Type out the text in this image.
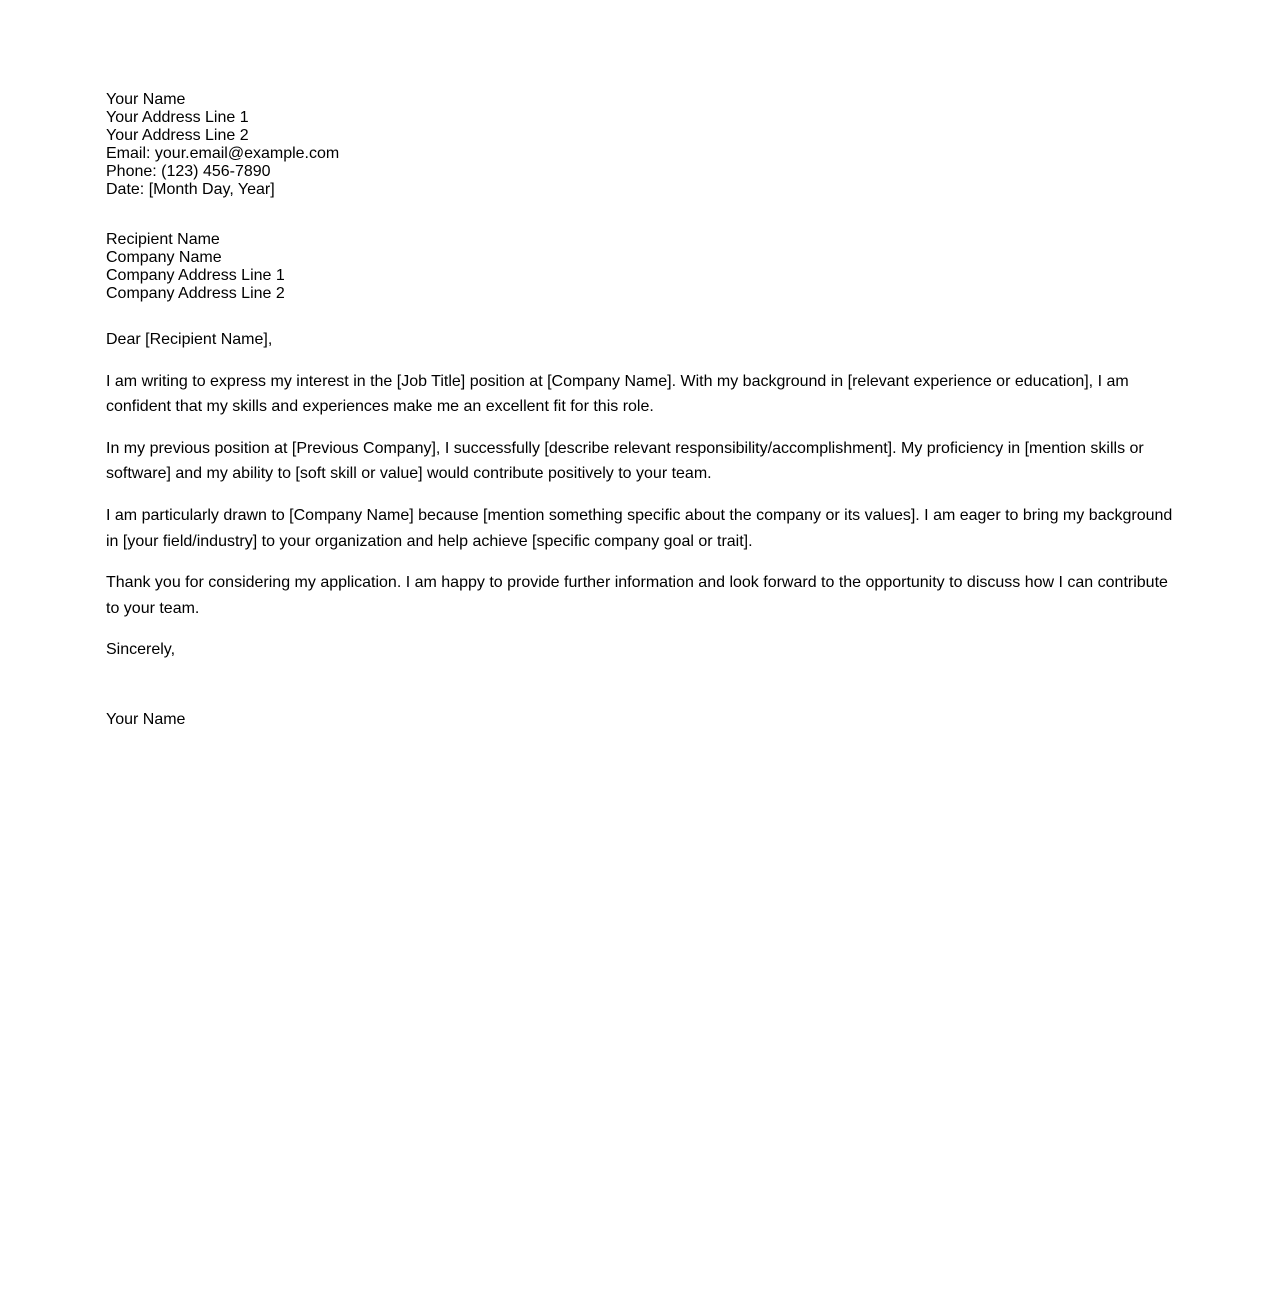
Your Name
Your Address Line 1
Your Address Line 2
Email: your.email@example.com
Phone: (123) 456-7890
Date: [Month Day, Year]
Recipient Name
Company Name
Company Address Line 1
Company Address Line 2

Dear [Recipient Name],

I am writing to express my interest in the [Job Title] position at [Company Name]. With my background in [relevant experience or education], I am confident that my skills and experiences make me an excellent fit for this role.

In my previous position at [Previous Company], I successfully [describe relevant responsibility/accomplishment]. My proficiency in [mention skills or software] and my ability to [soft skill or value] would contribute positively to your team.

I am particularly drawn to [Company Name] because [mention something specific about the company or its values]. I am eager to bring my background in [your field/industry] to your organization and help achieve [specific company goal or trait].

Thank you for considering my application. I am happy to provide further information and look forward to the opportunity to discuss how I can contribute to your team.

Sincerely,

Your Name
